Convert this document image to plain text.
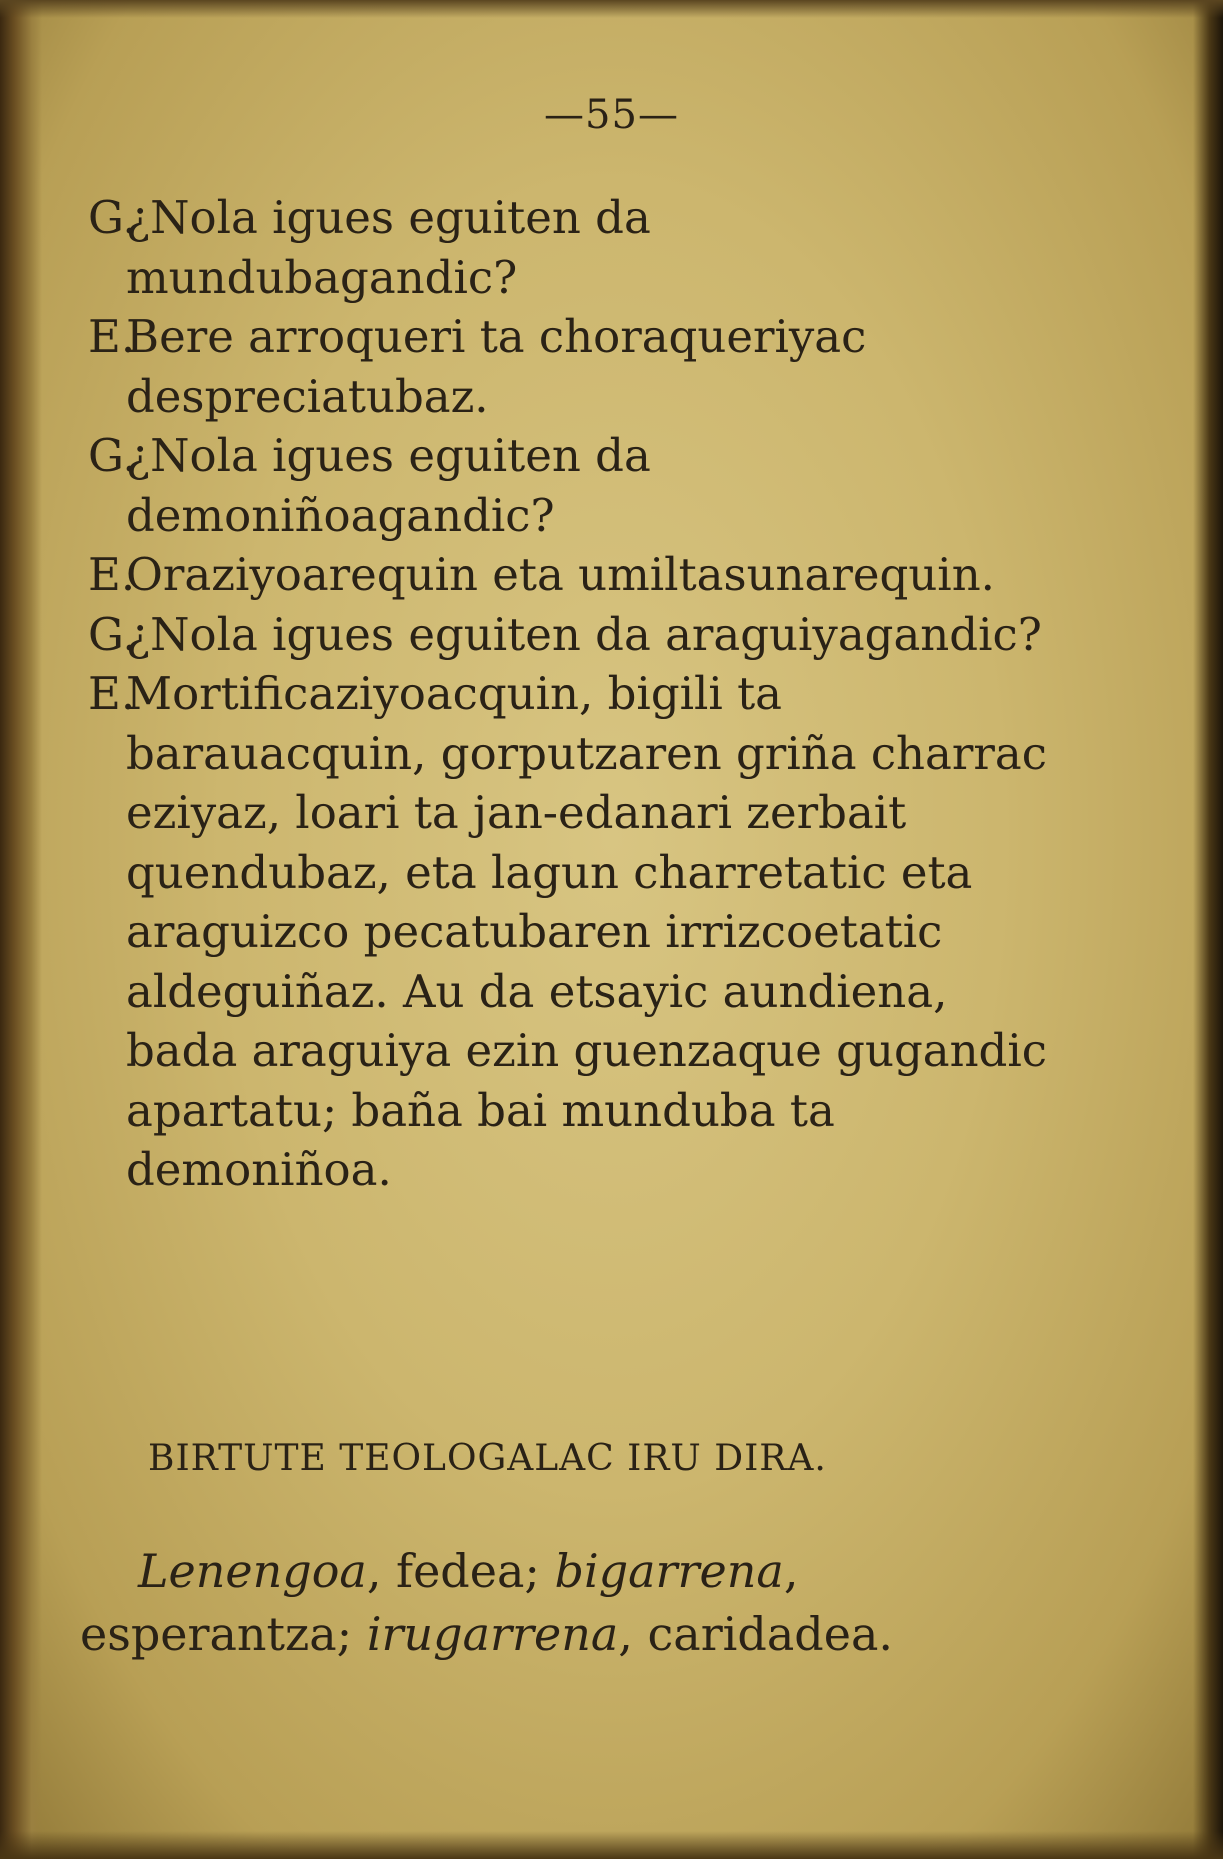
—55—

G.¿Nola igues eguiten da mundubagandic?

E.Bere arroqueri ta choraqueriyac despreciatubaz.

G.¿Nola igues eguiten da demoniñoagandic?

E.Oraziyoarequin eta umiltasunarequin.

G.¿Nola igues eguiten da araguiyagandic?

E.Mortificaziyoacquin, bigili ta barauacquin, gorputzaren griña charrac eziyaz, loari ta jan-edanari zerbait quendubaz, eta lagun charretatic eta araguizco pecatubaren irrizcoetatic aldeguiñaz. Au da etsayic aundiena, bada araguiya ezin guenzaque gugandic apartatu; baña bai munduba ta demoniñoa.

BIRTUTE TEOLOGALAC IRU DIRA.

Lenengoa, fedea; bigarrena, esperantza; irugarrena, caridadea.
